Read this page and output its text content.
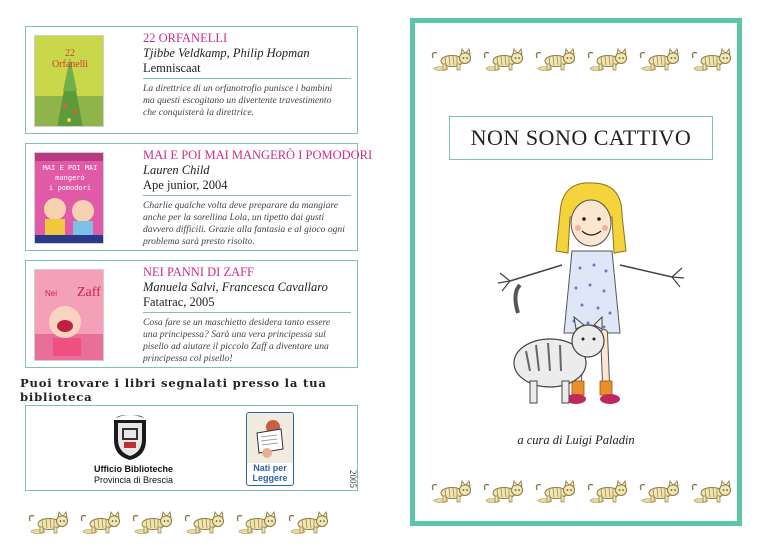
22
Orfanelli
22 ORFANELLI
Tjibbe Veldkamp, Philip Hopman
Lemniscaat
La direttrice di un orfanotrofio punisce i bambini
ma questi escogitano un divertente travestimento
che conquisterà la direttrice.
MAI E POI MAI
mangerò
i pomodori
MAI E POI MAI MANGERÒ I POMODORI
Lauren Child
Ape junior, 2004
Charlie qualche volta deve preparare da mangiare
anche per la sorellina Lola, un tipetto dai gusti
davvero difficili. Grazie alla fantasia e al gioco ogni
problema sarà presto risolto.
Nei Zaff
NEI PANNI DI ZAFF
Manuela Salvi, Francesca Cavallaro
Fatatrac, 2005
Cosa fare se un maschietto desidera tanto essere
una principessa? Sarà una vera principessa sul
pisello ad aiutare il piccolo Zaff a diventare una
principessa col pisello!
Puoi trovare i libri segnalati presso la tua biblioteca
Ufficio Biblioteche
Provincia di Brescia
Nati per
Leggere	2005
NON SONO CATTIVO
a cura di Luigi Paladin
